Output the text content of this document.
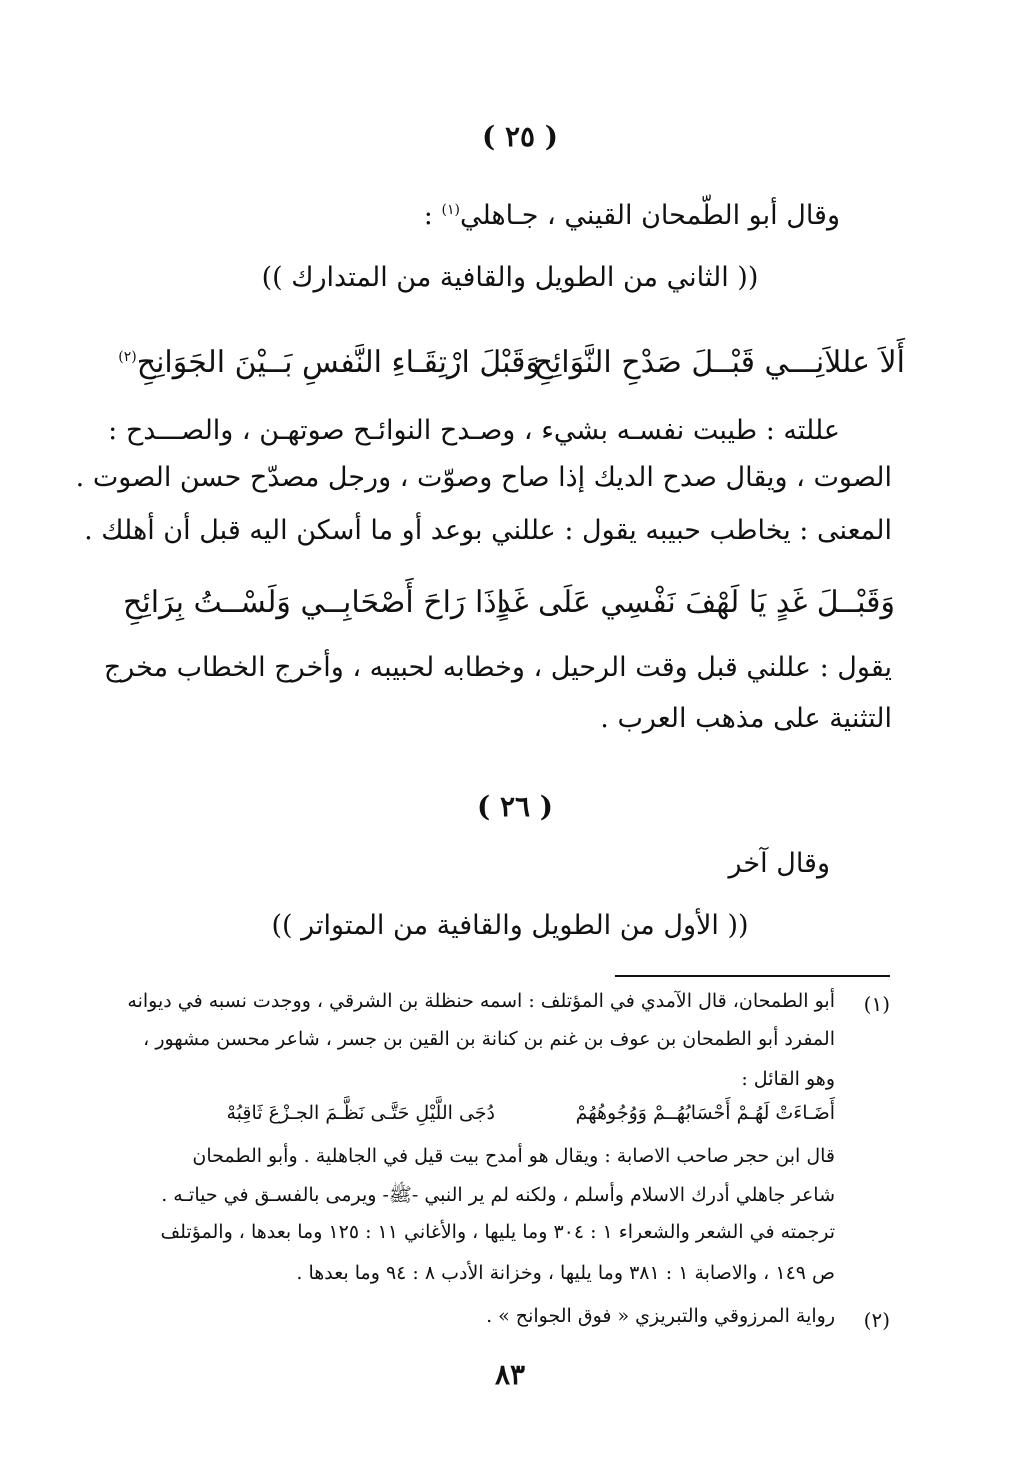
( ٢٥ )
وقال أبو الطّمحان القيني ، جـاهلي$^{(١)}$ :
(( الثاني من الطويل والقافية من المتدارك ))
أَلاَ عللاَنِـــي قَبْــلَ صَدْحِ النَّوَائِحِ
وَقَبْلَ ارْتِقَـاءِ النَّفسِ بَــيْنَ الجَوَانِحِ$^{(٢)}$
عللته : طيبت نفسـه بشيء ، وصـدح النوائـح صوتهـن ، والصـــدح :
الصوت ، ويقال صدح الديك إذا صاح وصوّت ، ورجل مصدّح حسن الصوت .
المعنى : يخاطب حبيبه يقول : عللني بوعد أو ما أسكن اليه قبل أن أهلك .
وَقَبْــلَ غَدٍ يَا لَهْفَ نَفْسِي عَلَى غَدٍ
اِذَا رَاحَ أَصْحَابِــي وَلَسْــتُ بِرَائِحِ
يقول : عللني قبل وقت الرحيل ، وخطابه لحبيبه ، وأخرج الخطاب مخرج
التثنية على مذهب العرب .
( ٢٦ )
وقال آخر
(( الأول من الطويل والقافية من المتواتر ))
(١)
أبو الطمحان، قال الآمدي في المؤتلف : اسمه حنظلة بن الشرقي ، ووجدت نسبه في ديوانه
المفرد أبو الطمحان بن عوف بن غنم بن كنانة بن القين بن جسر ، شاعر محسن مشهور ،
وهو القائل :
أَضَـاءَتْ لَهُـمْ أَحْسَابُهُــمْ وَوُجُوهُهُمْ
دُجَى اللَّيْلِ حَتَّـى نَظَّـمَ الجـزْعَ ثَاقِبُهْ
قال ابن حجر صاحب الاصابة : ويقال هو أمدح بيت قيل في الجاهلية . وأبو الطمحان
شاعر جاهلي أدرك الاسلام وأسلم ، ولكنه لم ير النبي -ﷺ- ويرمى بالفسـق في حياتـه .
ترجمته في الشعر والشعراء ١ : ٣٠٤ وما يليها ، والأغاني ١١ : ١٢٥ وما بعدها ، والمؤتلف
ص ١٤٩ ، والاصابة ١ : ٣٨١ وما يليها ، وخزانة الأدب ٨ : ٩٤ وما بعدها .
(٢)
رواية المرزوقي والتبريزي « فوق الجوانح » .
٨٣
